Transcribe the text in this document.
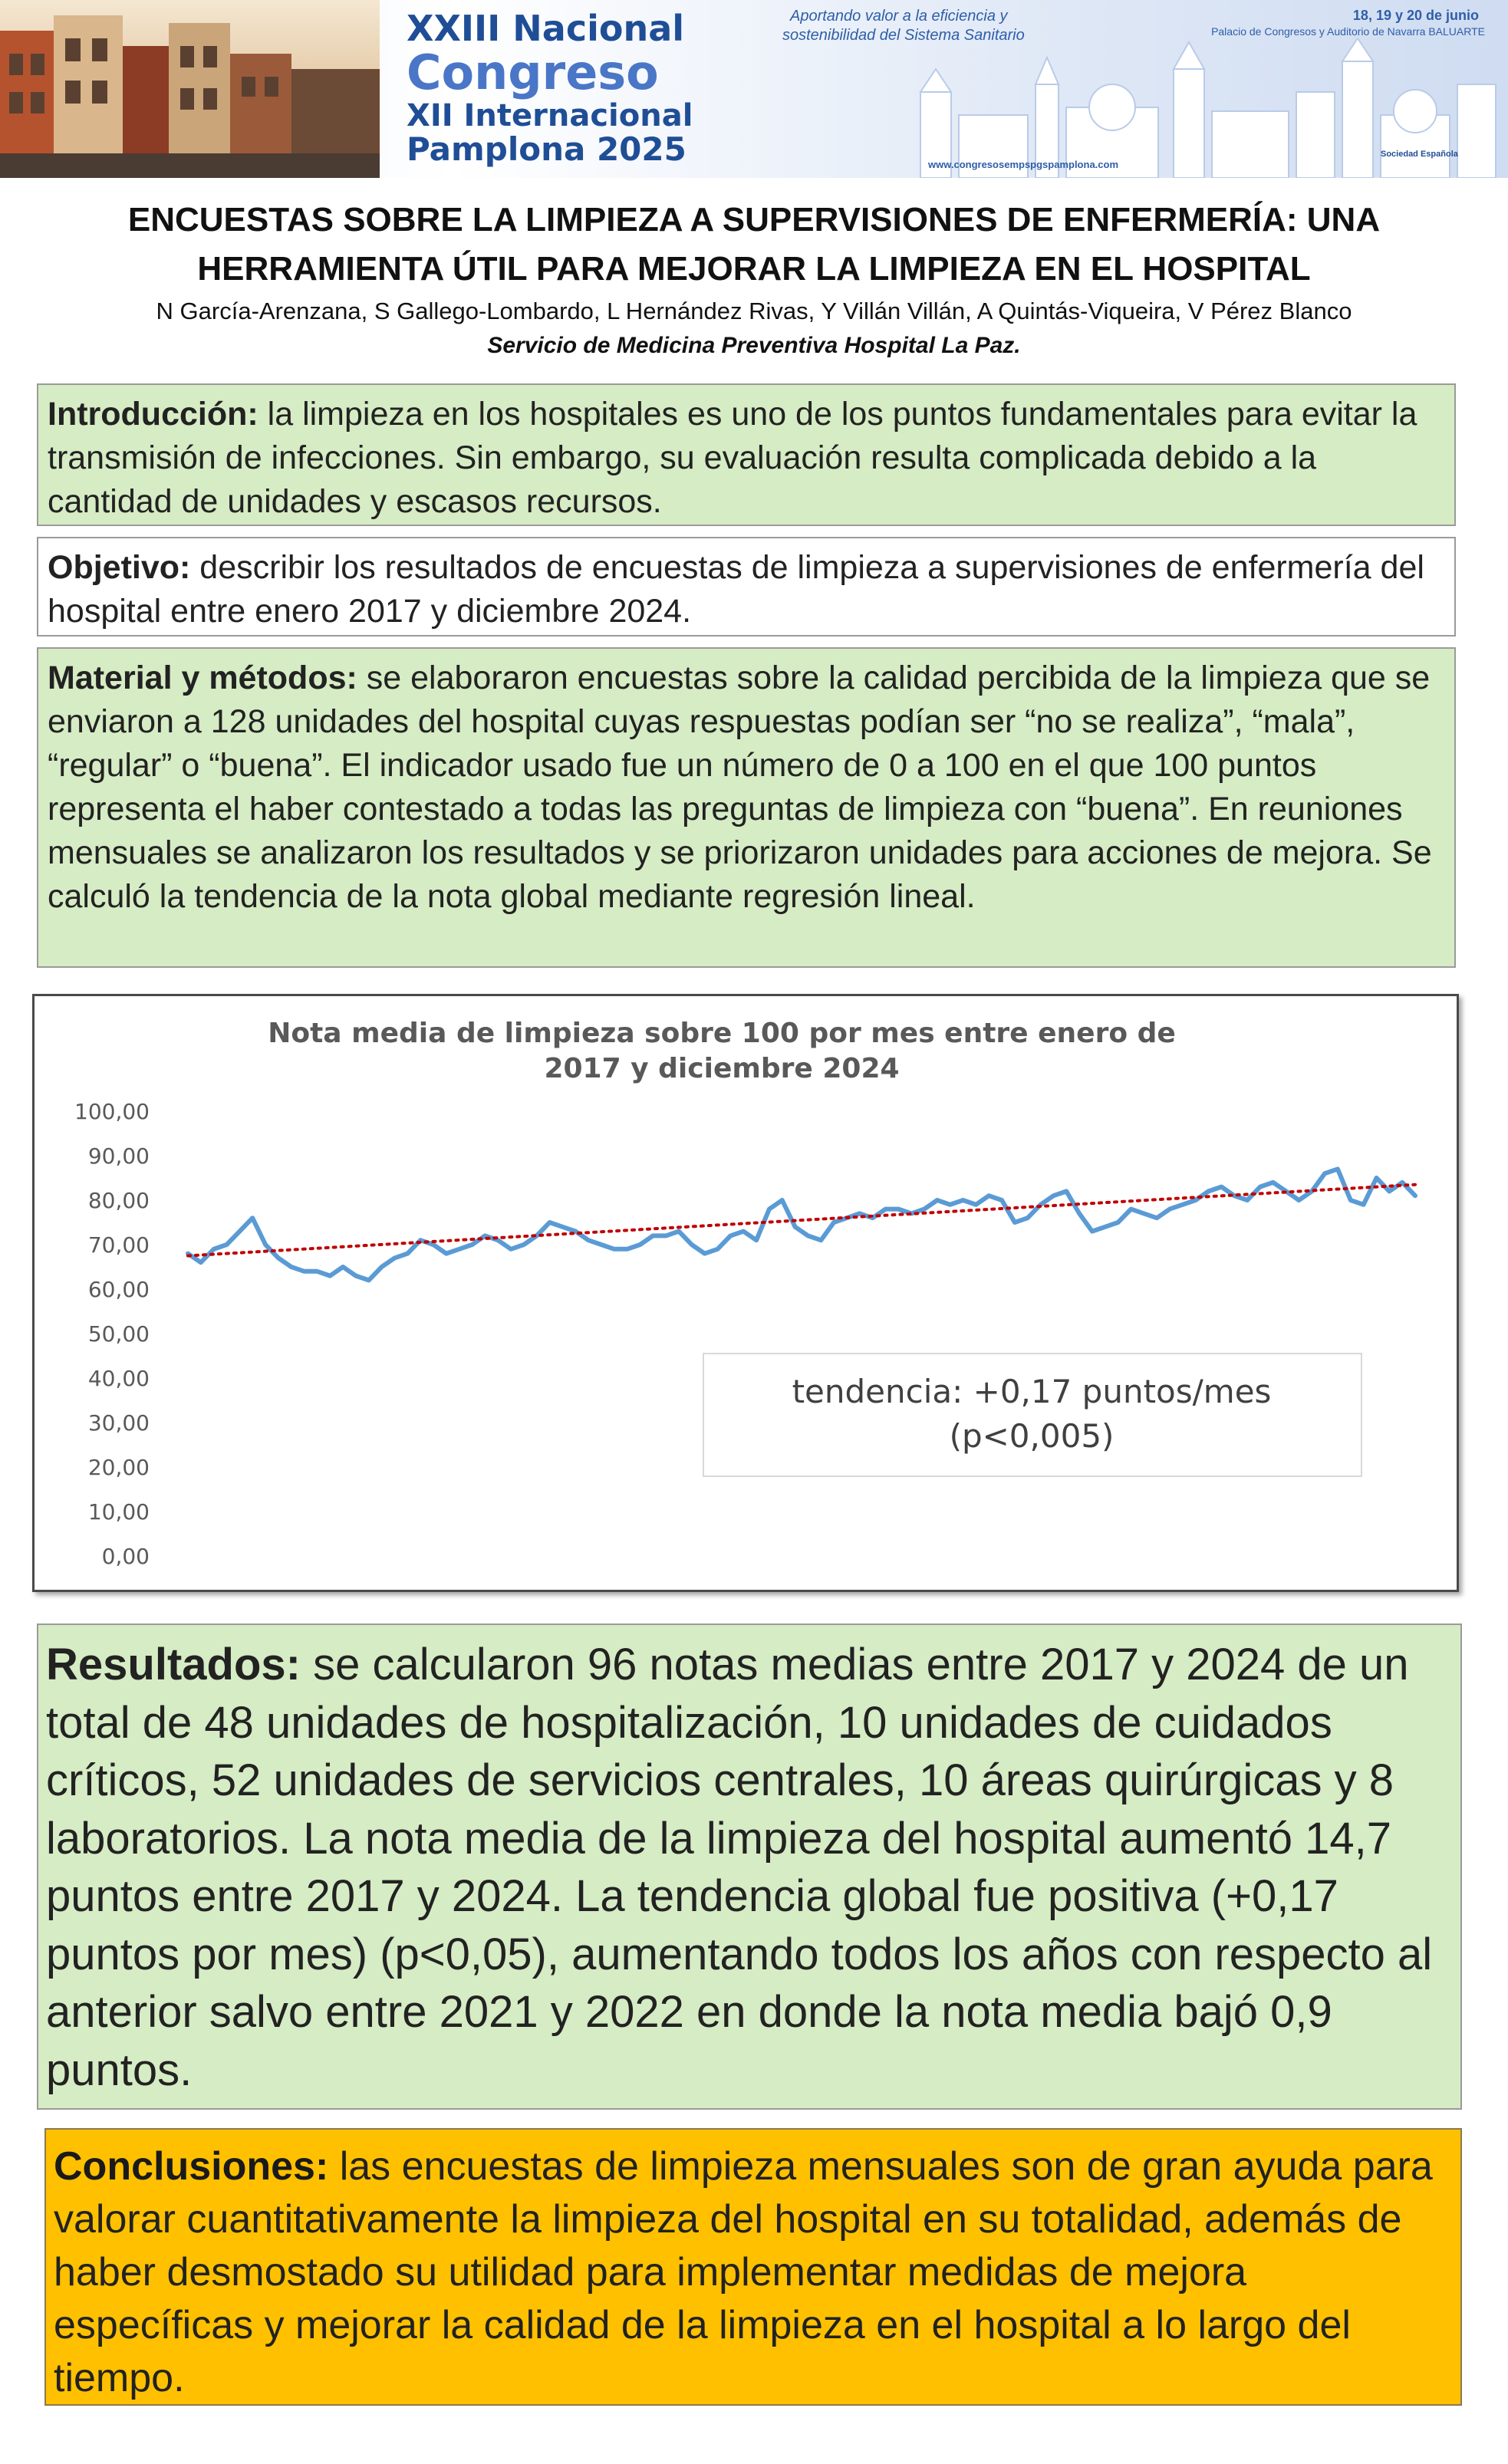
XXIII Nacional
Congreso
XII Internacional
Pamplona 2025
Aportando valor a la eficiencia y
sostenibilidad del Sistema Sanitario
18, 19 y 20 de junio
Palacio de Congresos y Auditorio de Navarra BALUARTE
www.congresosempspgspamplona.com
Sociedad Española
ENCUESTAS SOBRE LA LIMPIEZA A SUPERVISIONES DE ENFERMERÍA: UNA
HERRAMIENTA ÚTIL PARA MEJORAR LA LIMPIEZA EN EL HOSPITAL
N García-Arenzana, S Gallego-Lombardo, L Hernández Rivas, Y Villán Villán, A Quintás-Viqueira, V Pérez Blanco
Servicio de Medicina Preventiva Hospital La Paz.

Introducción: la limpieza en los hospitales es uno de los puntos fundamentales para evitar la transmisión de infecciones. Sin embargo, su evaluación resulta complicada debido a la cantidad de unidades y escasos recursos.

Objetivo: describir los resultados de encuestas de limpieza a supervisiones de enfermería del hospital entre enero 2017 y diciembre 2024.

Material y métodos: se elaboraron encuestas sobre la calidad percibida de la limpieza que se enviaron a 128 unidades del hospital cuyas respuestas podían ser “no se realiza”, “mala”, “regular” o “buena”. El indicador usado fue un número de 0 a 100 en el que 100 puntos representa el haber contestado a todas las preguntas de limpieza con “buena”. En reuniones mensuales se analizaron los resultados y se priorizaron unidades para acciones de mejora. Se calculó la tendencia de la nota global mediante regresión lineal.

Nota media de limpieza sobre 100 por mes entre enero de
2017 y diciembre 2024
0,00
10,00
20,00
30,00
40,00
50,00
60,00
70,00
80,00
90,00
100,00
tendencia: +0,17 puntos/mes
(p<0,005)

Resultados: se calcularon 96 notas medias entre 2017 y 2024 de un total de 48 unidades de hospitalización, 10 unidades de cuidados críticos, 52 unidades de servicios centrales, 10 áreas quirúrgicas y 8 laboratorios. La nota media de la limpieza del hospital aumentó 14,7 puntos entre 2017 y 2024. La tendencia global fue positiva (+0,17 puntos por mes) (p<0,05), aumentando todos los años con respecto al anterior salvo entre 2021 y 2022 en donde la nota media bajó 0,9 puntos.

Conclusiones: las encuestas de limpieza mensuales son de gran ayuda para valorar cuantitativamente la limpieza del hospital en su totalidad, además de haber desmostado su utilidad para implementar medidas de mejora específicas y mejorar la calidad de la limpieza en el hospital a lo largo del tiempo.
